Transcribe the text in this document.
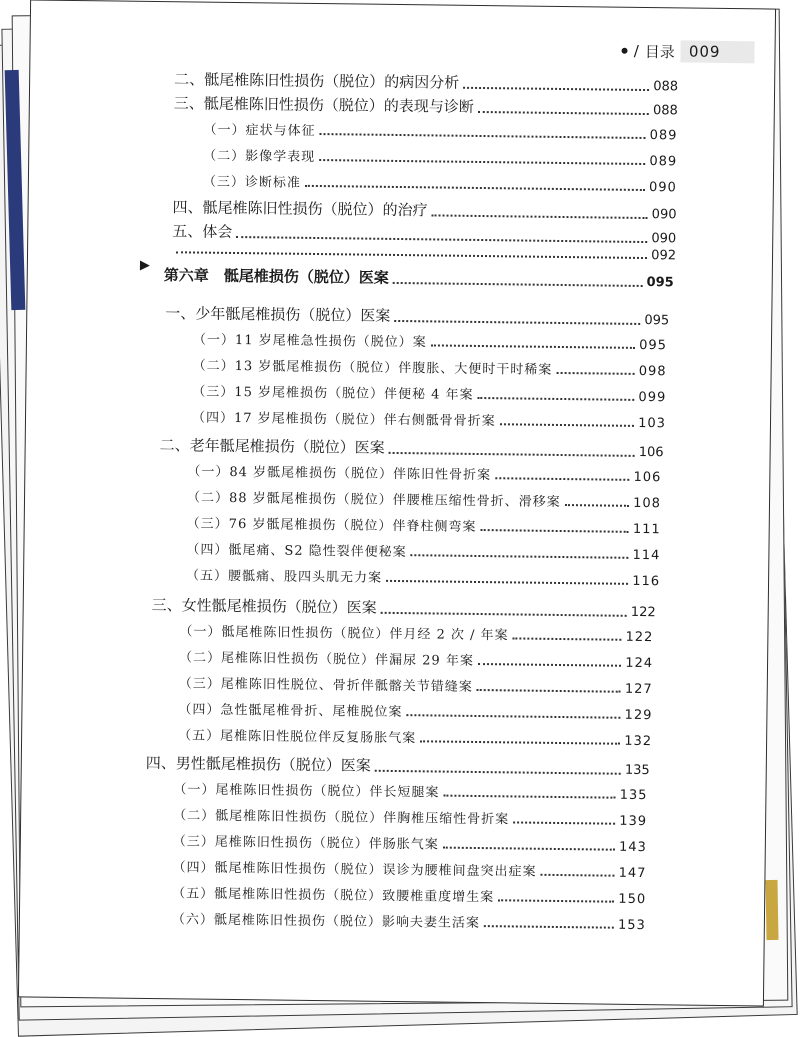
/ 目录 009
▶
二、骶尾椎陈旧性损伤（脱位）的病因分析	088
三、骶尾椎陈旧性损伤（脱位）的表现与诊断	088
（一）症状与体征	089
（二）影像学表现	089
（三）诊断标准	090
四、骶尾椎陈旧性损伤（脱位）的治疗	090
五、体会	090
092
第六章　骶尾椎损伤（脱位）医案	095
一、少年骶尾椎损伤（脱位）医案	095
（一）11 岁尾椎急性损伤（脱位）案	095
（二）13 岁骶尾椎损伤（脱位）伴腹胀、大便时干时稀案	098
（三）15 岁尾椎损伤（脱位）伴便秘 4 年案	099
（四）17 岁尾椎损伤（脱位）伴右侧骶骨骨折案	103
二、老年骶尾椎损伤（脱位）医案	106
（一）84 岁骶尾椎损伤（脱位）伴陈旧性骨折案	106
（二）88 岁骶尾椎损伤（脱位）伴腰椎压缩性骨折、滑移案	108
（三）76 岁骶尾椎损伤（脱位）伴脊柱侧弯案	111
（四）骶尾痛、S2 隐性裂伴便秘案	114
（五）腰骶痛、股四头肌无力案	116
三、女性骶尾椎损伤（脱位）医案	122
（一）骶尾椎陈旧性损伤（脱位）伴月经 2 次 / 年案	122
（二）尾椎陈旧性损伤（脱位）伴漏尿 29 年案	124
（三）尾椎陈旧性脱位、骨折伴骶髂关节错缝案	127
（四）急性骶尾椎骨折、尾椎脱位案	129
（五）尾椎陈旧性脱位伴反复肠胀气案	132
四、男性骶尾椎损伤（脱位）医案	135
（一）尾椎陈旧性损伤（脱位）伴长短腿案	135
（二）骶尾椎陈旧性损伤（脱位）伴胸椎压缩性骨折案	139
（三）尾椎陈旧性损伤（脱位）伴肠胀气案	143
（四）骶尾椎陈旧性损伤（脱位）误诊为腰椎间盘突出症案	147
（五）骶尾椎陈旧性损伤（脱位）致腰椎重度增生案	150
（六）骶尾椎陈旧性损伤（脱位）影响夫妻生活案	153
